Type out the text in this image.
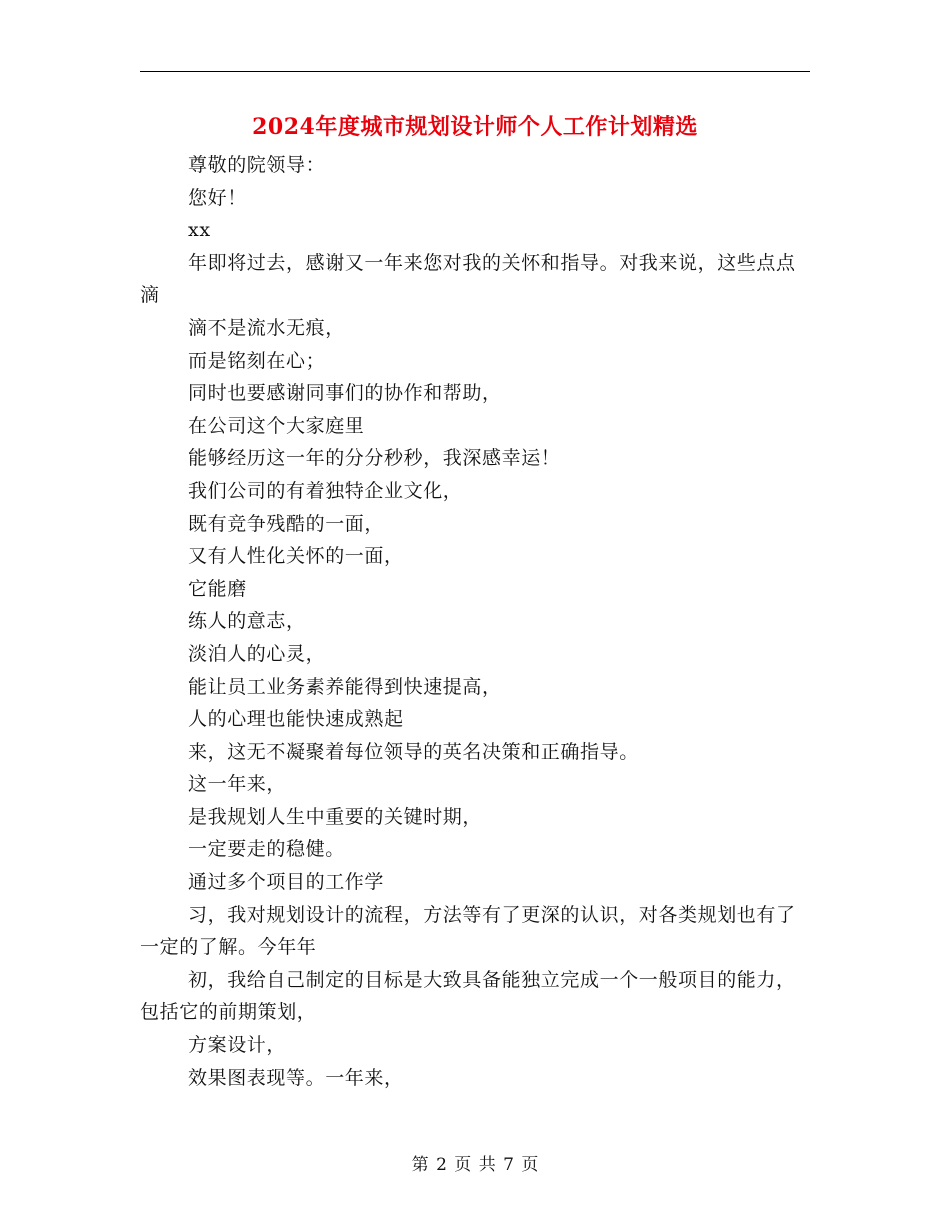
2024年度城市规划设计师个人工作计划精选
尊敬的院领导：
您好！
xx
年即将过去，感谢又一年来您对我的关怀和指导。对我来说，这些点点滴
滴不是流水无痕，
而是铭刻在心；
同时也要感谢同事们的协作和帮助，
在公司这个大家庭里
能够经历这一年的分分秒秒，我深感幸运！
我们公司的有着独特企业文化，
既有竞争残酷的一面，
又有人性化关怀的一面，
它能磨
练人的意志，
淡泊人的心灵，
能让员工业务素养能得到快速提高，
人的心理也能快速成熟起
来，这无不凝聚着每位领导的英名决策和正确指导。
这一年来，
是我规划人生中重要的关键时期，
一定要走的稳健。
通过多个项目的工作学
习，我对规划设计的流程，方法等有了更深的认识，对各类规划也有了一定的了解。今年年
初，我给自己制定的目标是大致具备能独立完成一个一般项目的能力，包括它的前期策划，
方案设计，
效果图表现等。一年来，
第 2 页 共 7 页
